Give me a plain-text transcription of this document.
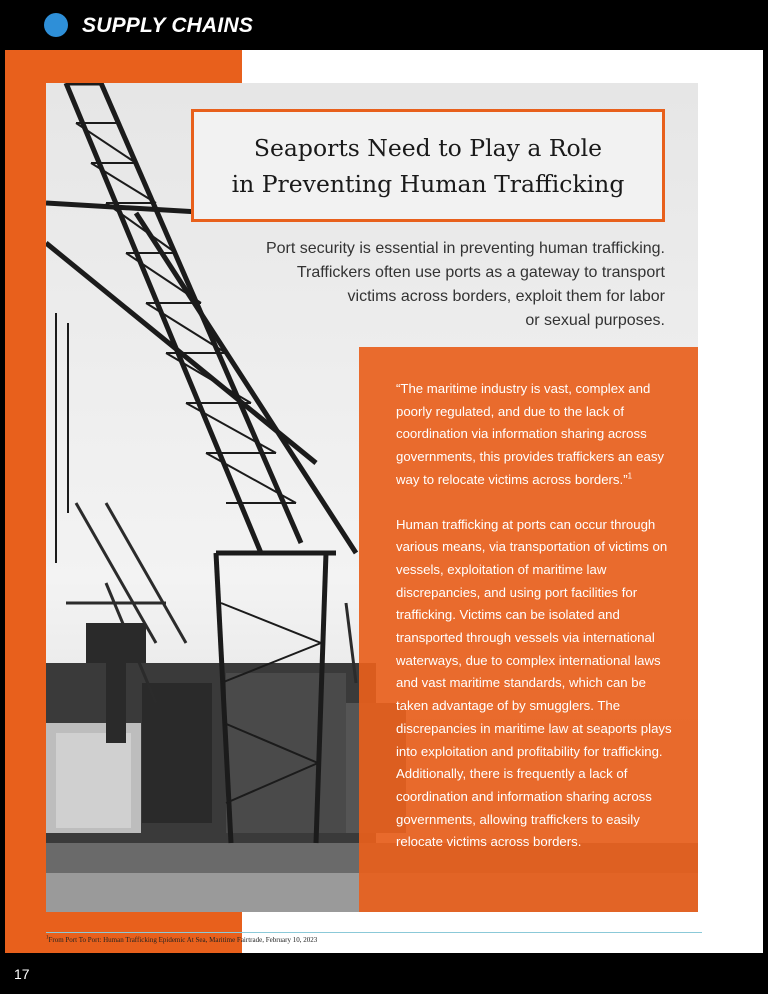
SUPPLY CHAINS
Seaports Need to Play a Role
in Preventing Human Trafficking
Port security is essential in preventing human trafficking.
Traffickers often use ports as a gateway to transport
victims across borders, exploit them for labor
or sexual purposes.

“The maritime industry is vast, complex and poorly regulated, and due to the lack of coordination via information sharing across governments, this provides traffickers an easy way to relocate victims across borders.”$^1$

Human trafficking at ports can occur through various means, via transportation of victims on vessels, exploitation of maritime law discrepancies, and using port facilities for trafficking. Victims can be isolated and transported through vessels via international waterways, due to complex international laws and vast maritime standards, which can be taken advantage of by smugglers. The discrepancies in maritime law at seaports plays into exploitation and profitability for trafficking. Additionally, there is frequently a lack of coordination and information sharing across governments, allowing traffickers to easily relocate victims across borders.

$^1$From Port To Port: Human Trafficking Epidemic At Sea, Maritime Fairtrade, February 10, 2023
17
